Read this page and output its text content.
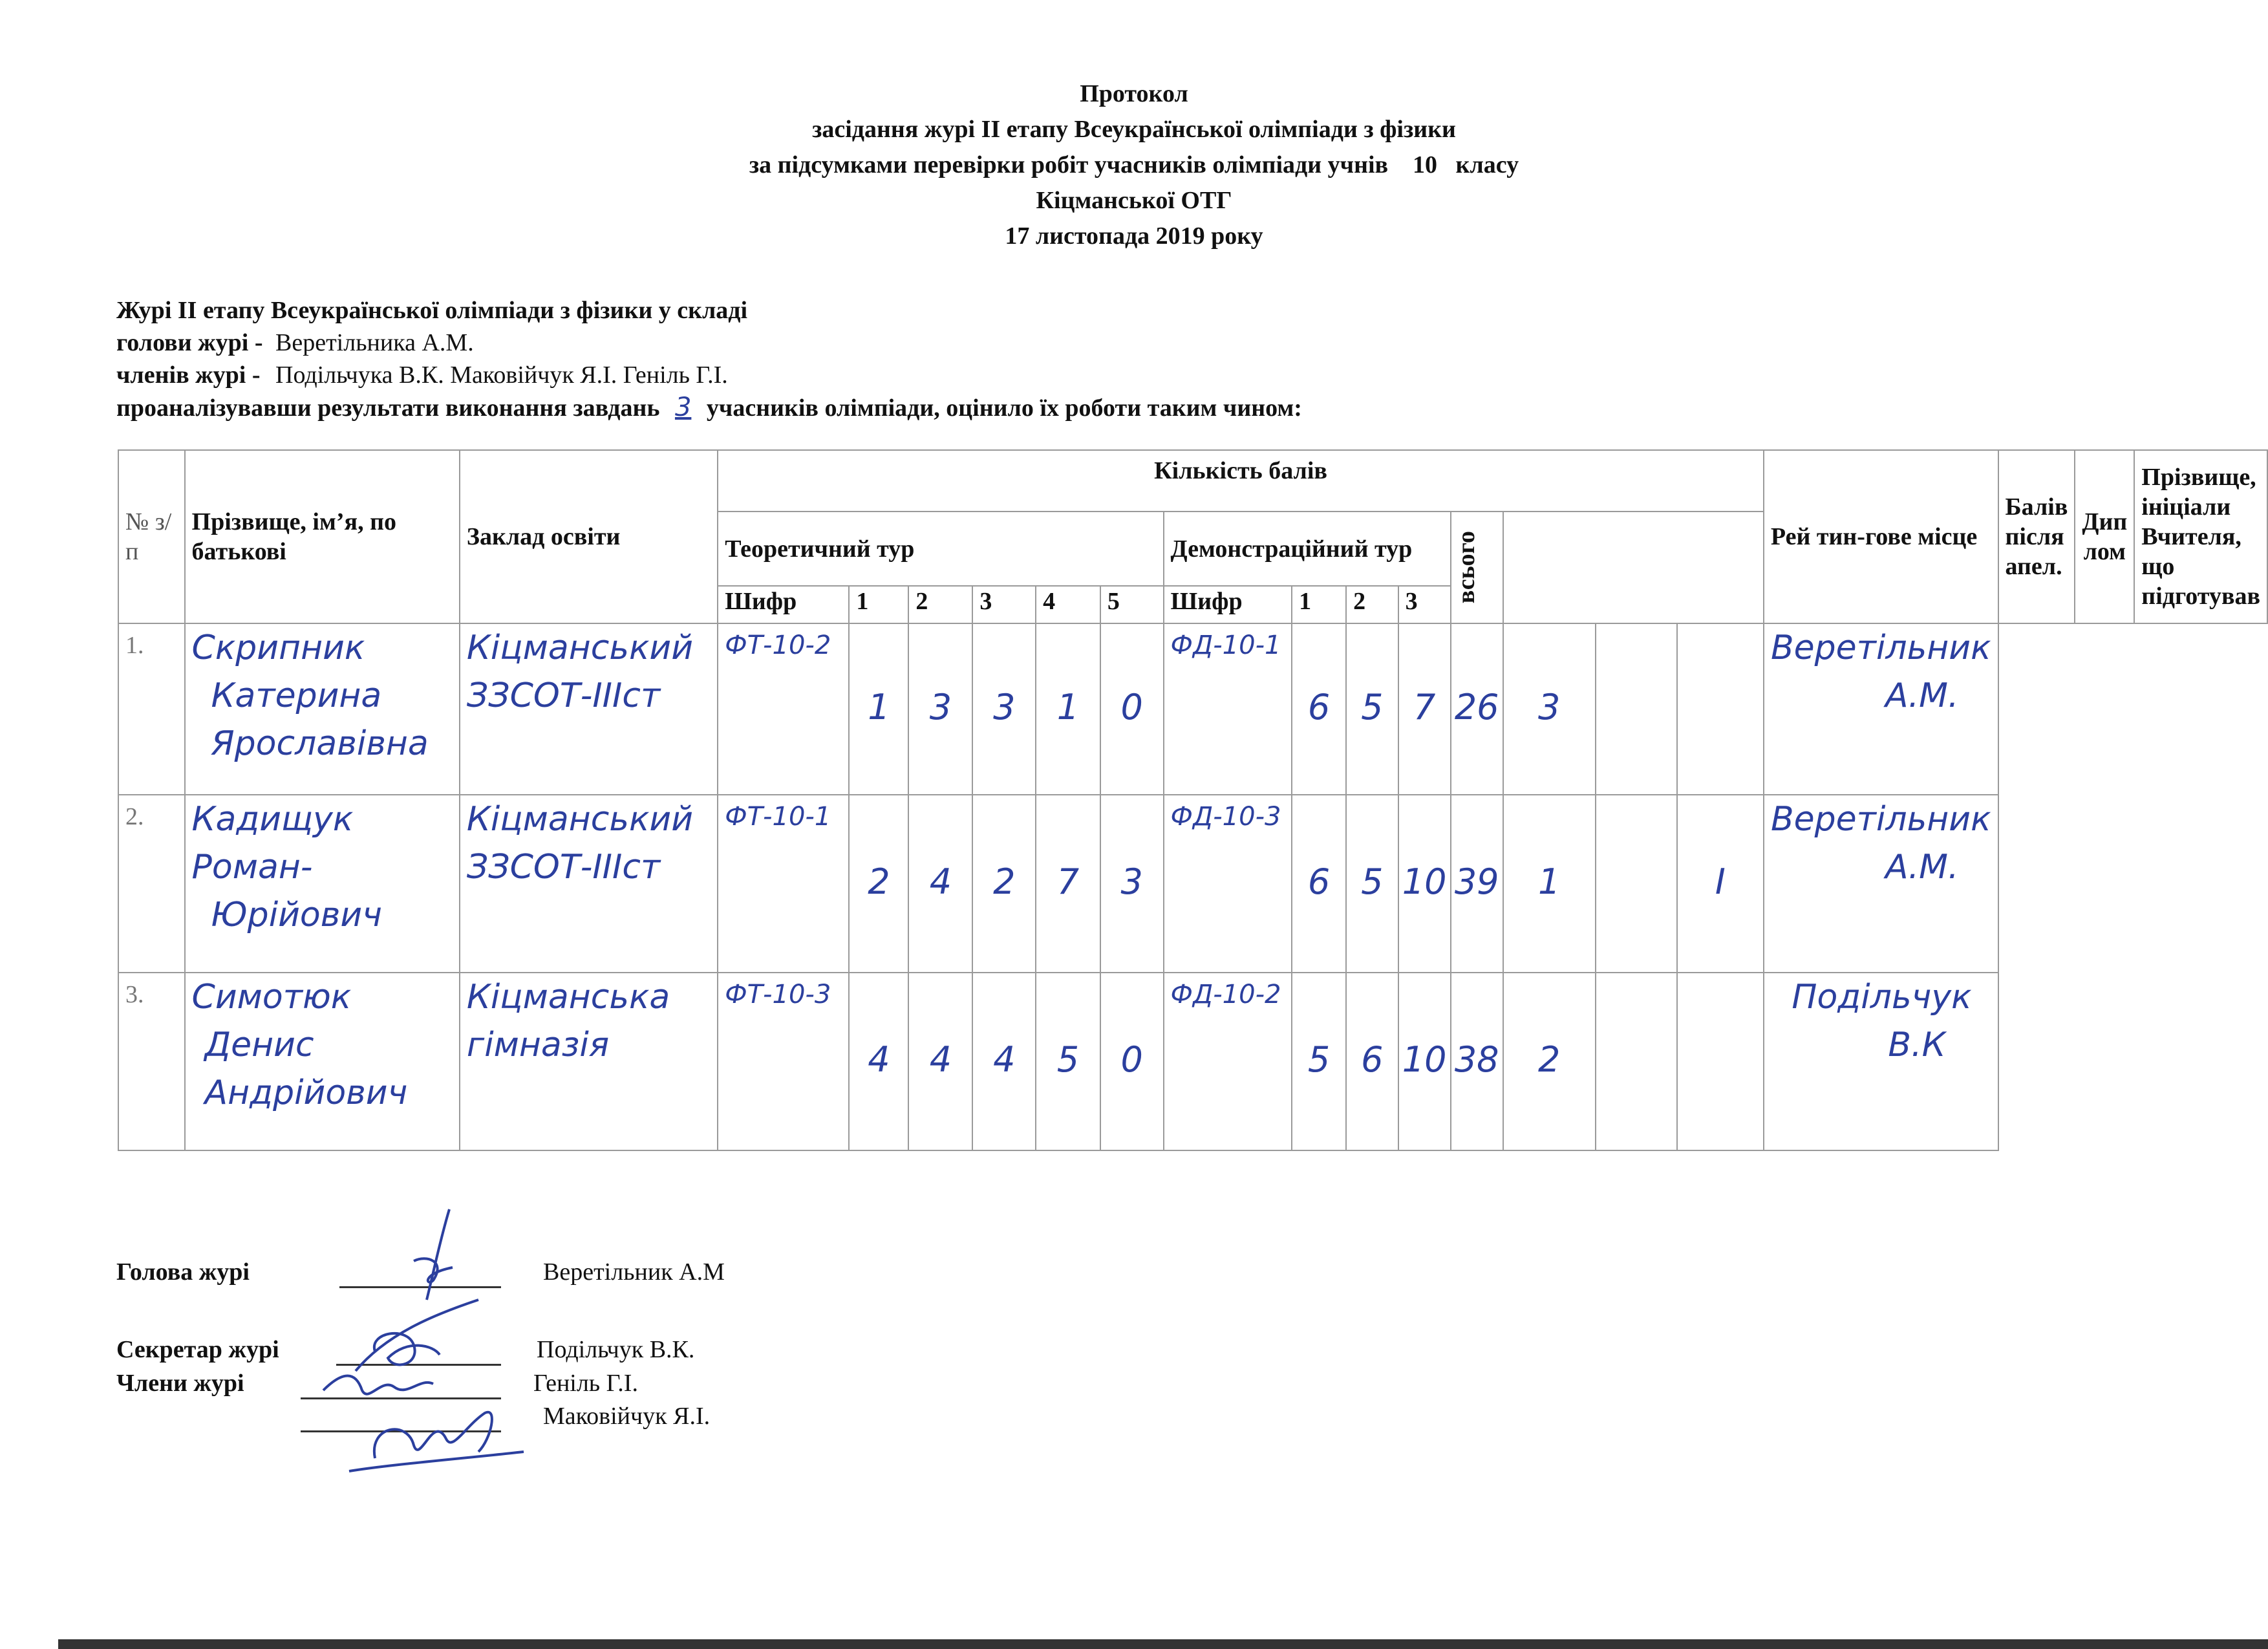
Протокол
засідання журі ІІ етапу Всеукраїнської олімпіади з фізики
за підсумками перевірки робіт учасників олімпіади учнів    10   класу
Кіцманської ОТГ
17 листопада 2019 року
Журі ІІ етапу Всеукраїнської олімпіади з фізики у складі
голови журі - Веретільника А.М.
членів журі - Подільчука В.К. Маковійчук Я.І. Геніль Г.І.
проаналізувавши результати виконання завдань 3 учасників олімпіади, оцінило їх роботи таким чином:
№ з/п	Прізвище, ім’я, по батькові	Заклад освіти	Кількість балів														Рей тин-гове місце	Балів після апел.	Дип лом	Прізвище, ініціали Вчителя, що підготував
			Теоретичний тур						Демонстраційний тур				всього							

			Шифр	1	2	3	4	5	Шифр	1	2	3								
1.	Скрипник
Катерина
Ярославівна	Кіцманський
ЗЗСОТ-ІІІст	ФТ-10-2	1	3	3	1	0	ФД-10-1	6	5	7	26	3			Веретільник
А.М.			

2.	Кадищук
Роман-
Юрійович	Кіцманський
ЗЗСОТ-ІІІст	ФТ-10-1	2	4	2	7	3	ФД-10-3	6	5	10	39	1		І	Веретільник
А.М.			

3.	Симотюк
Денис
Андрійович	Кіцманська
гімназія	ФТ-10-3	4	4	4	5	0	ФД-10-2	5	6	10	38	2			Подільчук
В.К			
Голова журі	Веретільник А.М
Секретар журі	Подільчук В.К.
Члени журі	Геніль Г.І.
Маковійчук Я.І.
